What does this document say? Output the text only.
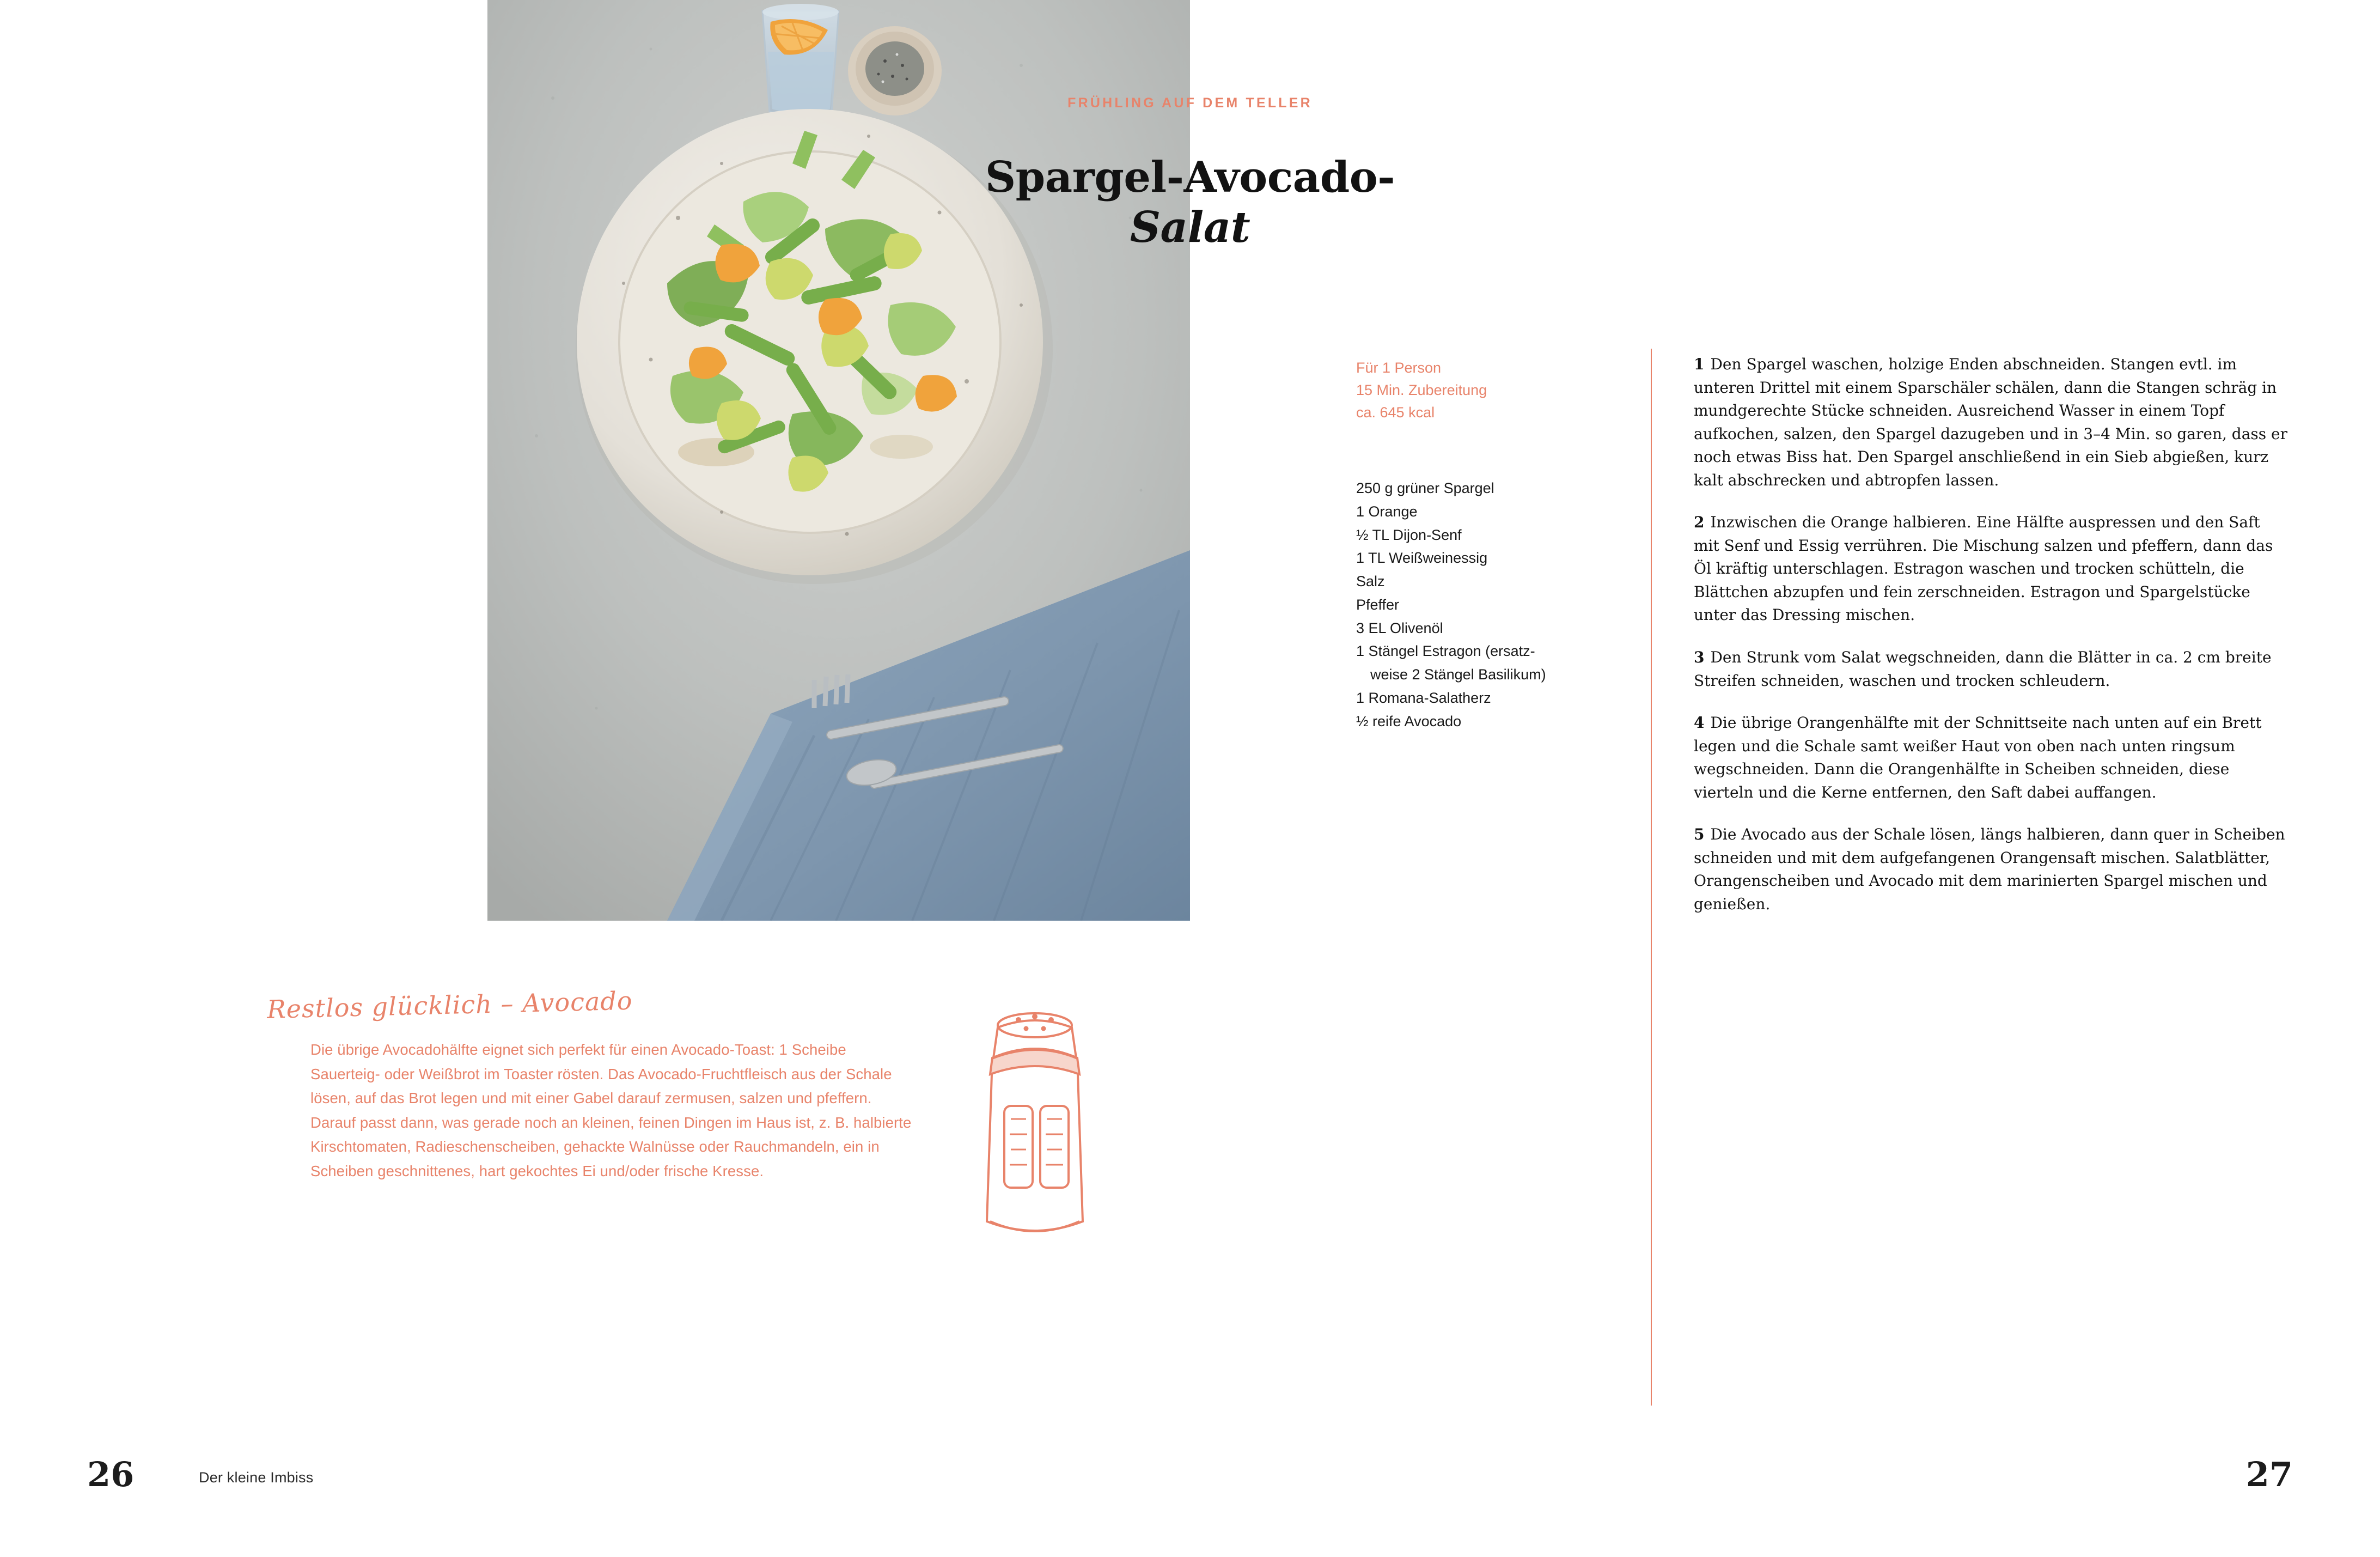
Restlos glücklich – Avocado
Die übrige Avocadohälfte eignet sich perfekt für einen Avocado-Toast: 1 Scheibe Sauerteig- oder Weißbrot im Toaster rösten. Das Avocado-Fruchtfleisch aus der Schale lösen, auf das Brot legen und mit einer Gabel darauf zermusen, salzen und pfeffern. Darauf passt dann, was gerade noch an kleinen, feinen Dingen im Haus ist, z. B. halbierte Kirschtomaten, Radieschenscheiben, gehackte Walnüsse oder Rauchmandeln, ein in Scheiben geschnittenes, hart gekochtes Ei und/oder frische Kresse.
26	Der kleine Imbiss
FRÜHLING AUF DEM TELLER
Spargel-Avocado-
Salat
Für 1 Person
15 Min. Zubereitung
ca. 645 kcal
250 g grüner Spargel
1 Orange
½ TL Dijon-Senf
1 TL Weißweinessig
Salz
Pfeffer
3 EL Olivenöl
1 Stängel Estragon (ersatz-
weise 2 Stängel Basilikum)
1 Romana-Salatherz
½ reife Avocado

1 Den Spargel waschen, holzige Enden abschneiden. Stangen evtl. im unteren Drittel mit einem Sparschäler schälen, dann die Stangen schräg in mundgerechte Stücke schneiden. Ausreichend Wasser in einem Topf aufkochen, salzen, den Spargel dazugeben und in 3–4 Min. so garen, dass er noch etwas Biss hat. Den Spargel anschließend in ein Sieb abgießen, kurz kalt abschrecken und abtropfen lassen.

2 Inzwischen die Orange halbieren. Eine Hälfte auspressen und den Saft mit Senf und Essig verrühren. Die Mischung salzen und pfeffern, dann das Öl kräftig unterschlagen. Estragon waschen und trocken schütteln, die Blättchen abzupfen und fein zerschneiden. Estragon und Spargelstücke unter das Dressing mischen.

3 Den Strunk vom Salat wegschneiden, dann die Blätter in ca. 2 cm breite Streifen schneiden, waschen und trocken schleudern.

4 Die übrige Orangenhälfte mit der Schnittseite nach unten auf ein Brett legen und die Schale samt weißer Haut von oben nach unten ringsum wegschneiden. Dann die Orangenhälfte in Scheiben schneiden, diese vierteln und die Kerne entfernen, den Saft dabei auffangen.

5 Die Avocado aus der Schale lösen, längs halbieren, dann quer in Scheiben schneiden und mit dem aufgefangenen Orangensaft mischen. Salatblätter, Orangenscheiben und Avocado mit dem marinierten Spargel mischen und genießen.

27
